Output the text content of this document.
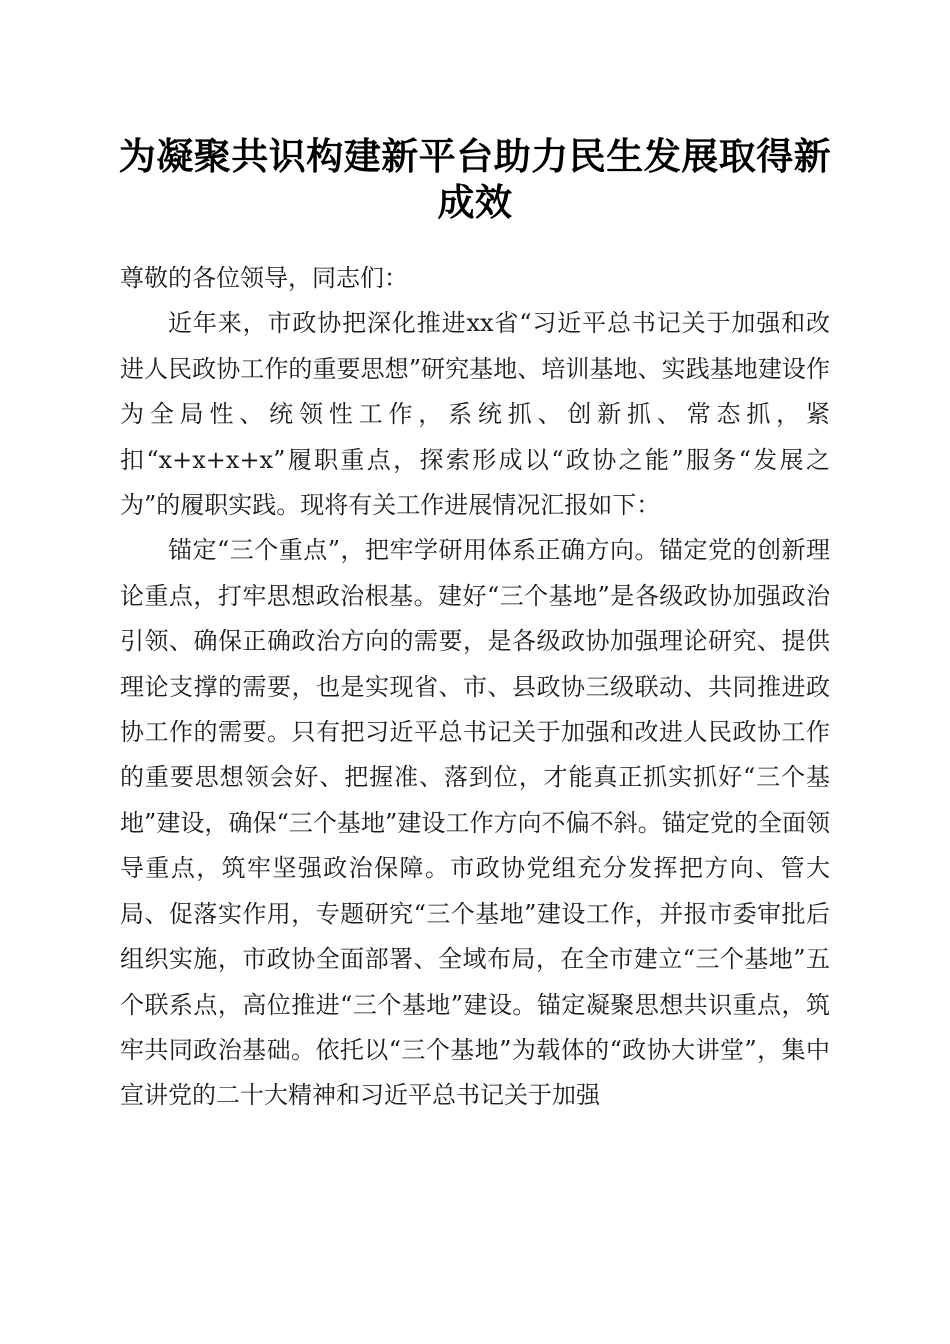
为凝聚共识构建新平台助力民生发展取得新成效

尊敬的各位领导，同志们：

近年来，市政协把深化推进xx省“习近平总书记关于加强和改进人民政协工作的重要思想”研究基地、培训基地、实践基地建设作为全局性、统领性工作，系统抓、创新抓、常态抓，紧扣“x+x+x+x”履职重点，探索形成以“政协之能”服务“发展之为”的履职实践。现将有关工作进展情况汇报如下：

锚定“三个重点”，把牢学研用体系正确方向。锚定党的创新理论重点，打牢思想政治根基。建好“三个基地”是各级政协加强政治引领、确保正确政治方向的需要，是各级政协加强理论研究、提供理论支撑的需要，也是实现省、市、县政协三级联动、共同推进政协工作的需要。只有把习近平总书记关于加强和改进人民政协工作的重要思想领会好、把握准、落到位，才能真正抓实抓好“三个基地”建设，确保“三个基地”建设工作方向不偏不斜。锚定党的全面领导重点，筑牢坚强政治保障。市政协党组充分发挥把方向、管大局、促落实作用，专题研究“三个基地”建设工作，并报市委审批后组织实施，市政协全面部署、全域布局，在全市建立“三个基地”五个联系点，高位推进“三个基地”建设。锚定凝聚思想共识重点，筑牢共同政治基础。依托以“三个基地”为载体的“政协大讲堂”，集中宣讲党的二十大精神和习近平总书记关于加强
